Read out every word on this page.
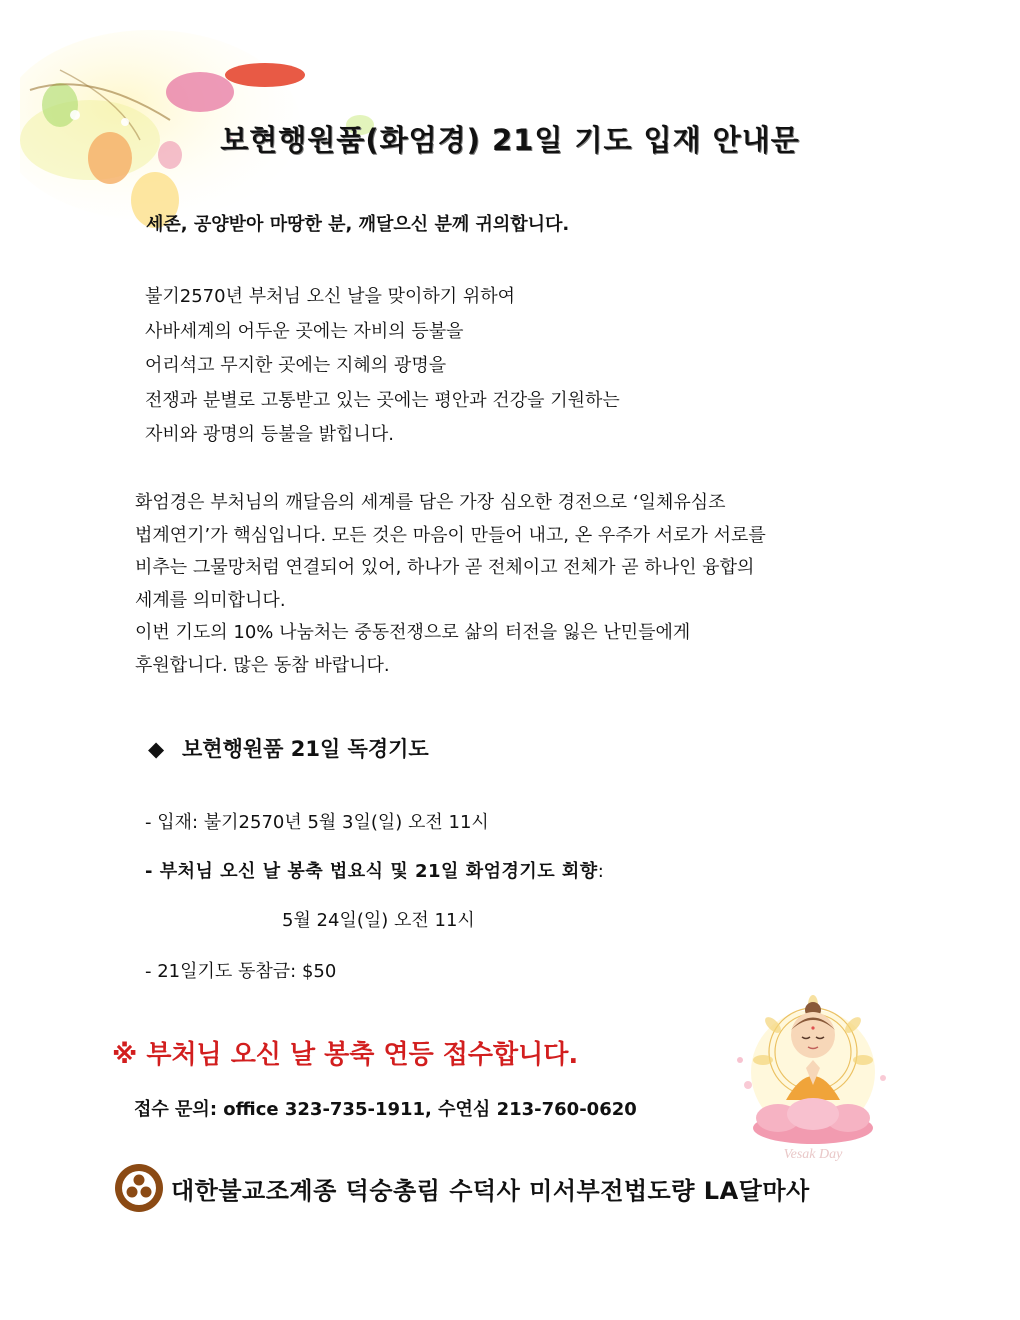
보현행원품(화엄경) 21일 기도 입재 안내문
세존, 공양받아 마땅한 분, 깨달으신 분께 귀의합니다.
불기2570년 부처님 오신 날을 맞이하기 위하여
사바세계의 어두운 곳에는 자비의 등불을
어리석고 무지한 곳에는 지혜의 광명을
전쟁과 분별로 고통받고 있는 곳에는 평안과 건강을 기원하는
자비와 광명의 등불을 밝힙니다.
화엄경은 부처님의 깨달음의 세계를 담은 가장 심오한 경전으로 ‘일체유심조
법계연기’가 핵심입니다. 모든 것은 마음이 만들어 내고, 온 우주가 서로가 서로를
비추는 그물망처럼 연결되어 있어, 하나가 곧 전체이고 전체가 곧 하나인 융합의
세계를 의미합니다.
이번 기도의 10% 나눔처는 중동전쟁으로 삶의 터전을 잃은 난민들에게
후원합니다. 많은 동참 바랍니다.
◆ 보현행원품 21일 독경기도
- 입재: 불기2570년 5월 3일(일) 오전 11시
- 부처님 오신 날 봉축 법요식 및 21일 화엄경기도 회향:
5월 24일(일) 오전 11시
- 21일기도 동참금: $50
※ 부처님 오신 날 봉축 연등 접수합니다.
접수 문의: office 323-735-1911, 수연심 213-760-0620
대한불교조계종 덕숭총림 수덕사 미서부전법도량 LA달마사
Vesak Day
